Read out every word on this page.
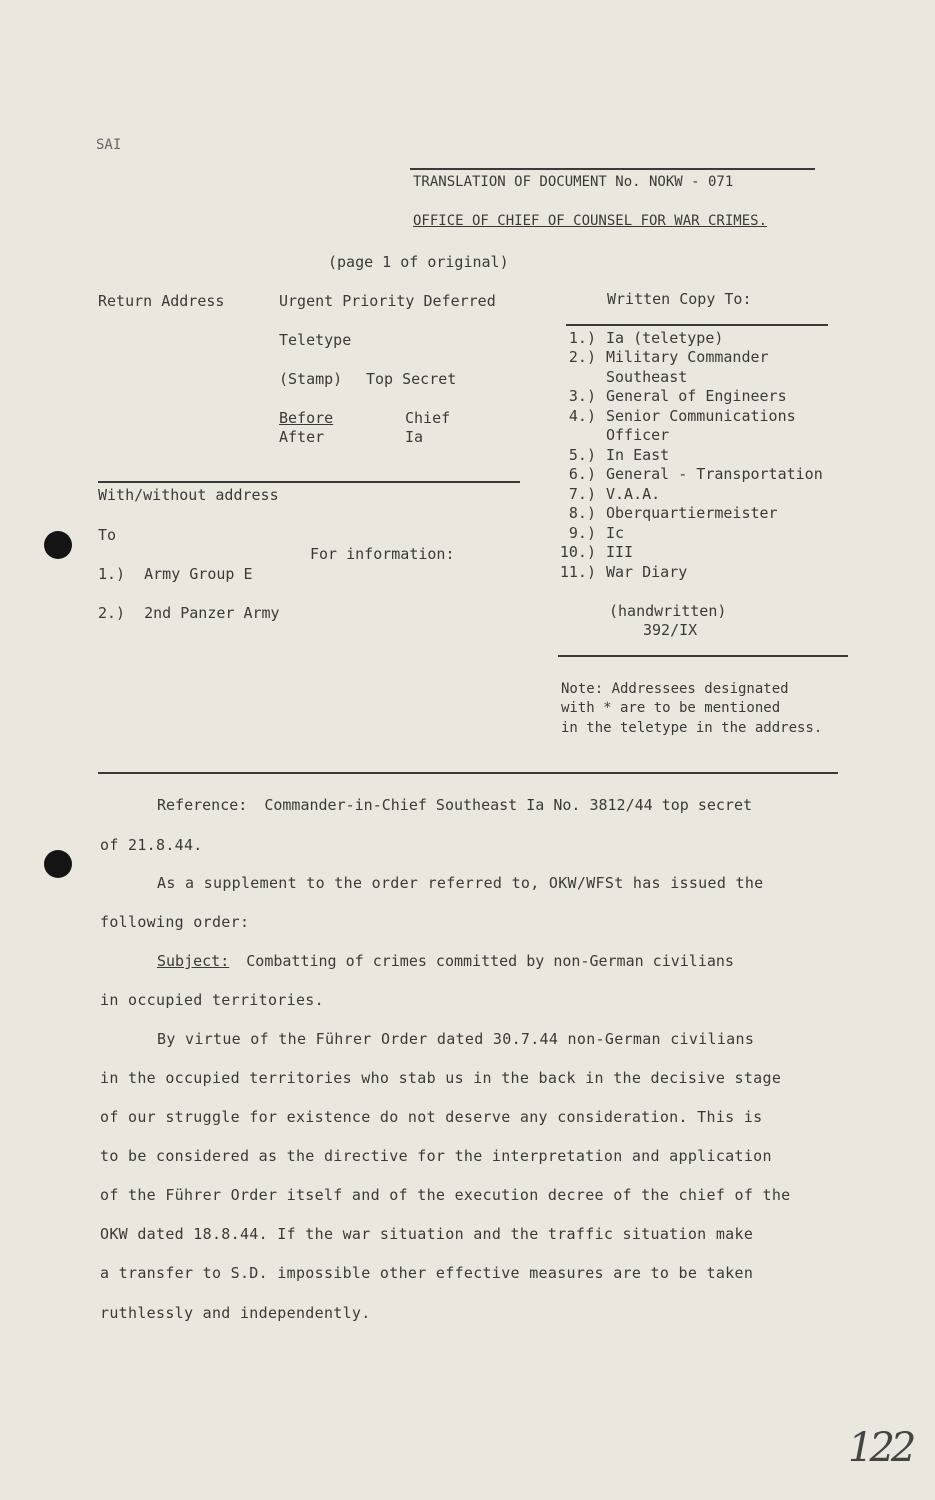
SAI
TRANSLATION OF DOCUMENT No. NOKW - 071
OFFICE OF CHIEF OF COUNSEL FOR WAR CRIMES.
(page 1 of original)
Return Address	Urgent Priority Deferred
Teletype
(Stamp) Top Secret
Before	Chief
After	Ia
With/without address
To
For information:
1.) Army Group E
2.) 2nd Panzer Army
Written Copy To:
1.) Ia (teletype)
2.) Military Commander
Southeast
3.) General of Engineers
4.) Senior Communications
Officer
5.) In East
6.) General - Transportation
7.) V.A.A.
8.) Oberquartiermeister
9.) Ic
10.) III
11.) War Diary
(handwritten)
392/IX
Note: Addressees designated
with * are to be mentioned
in the teletype in the address.
Reference: Commander-in-Chief Southeast Ia No. 3812/44 top secret
of 21.8.44.
As a supplement to the order referred to, OKW/WFSt has issued the
following order:
Subject: Combatting of crimes committed by non-German civilians
in occupied territories.
By virtue of the Führer Order dated 30.7.44 non-German civilians
in the occupied territories who stab us in the back in the decisive stage
of our struggle for existence do not deserve any consideration. This is
to be considered as the directive for the interpretation and application
of the Führer Order itself and of the execution decree of the chief of the
OKW dated 18.8.44. If the war situation and the traffic situation make
a transfer to S.D. impossible other effective measures are to be taken
ruthlessly and independently.
122
